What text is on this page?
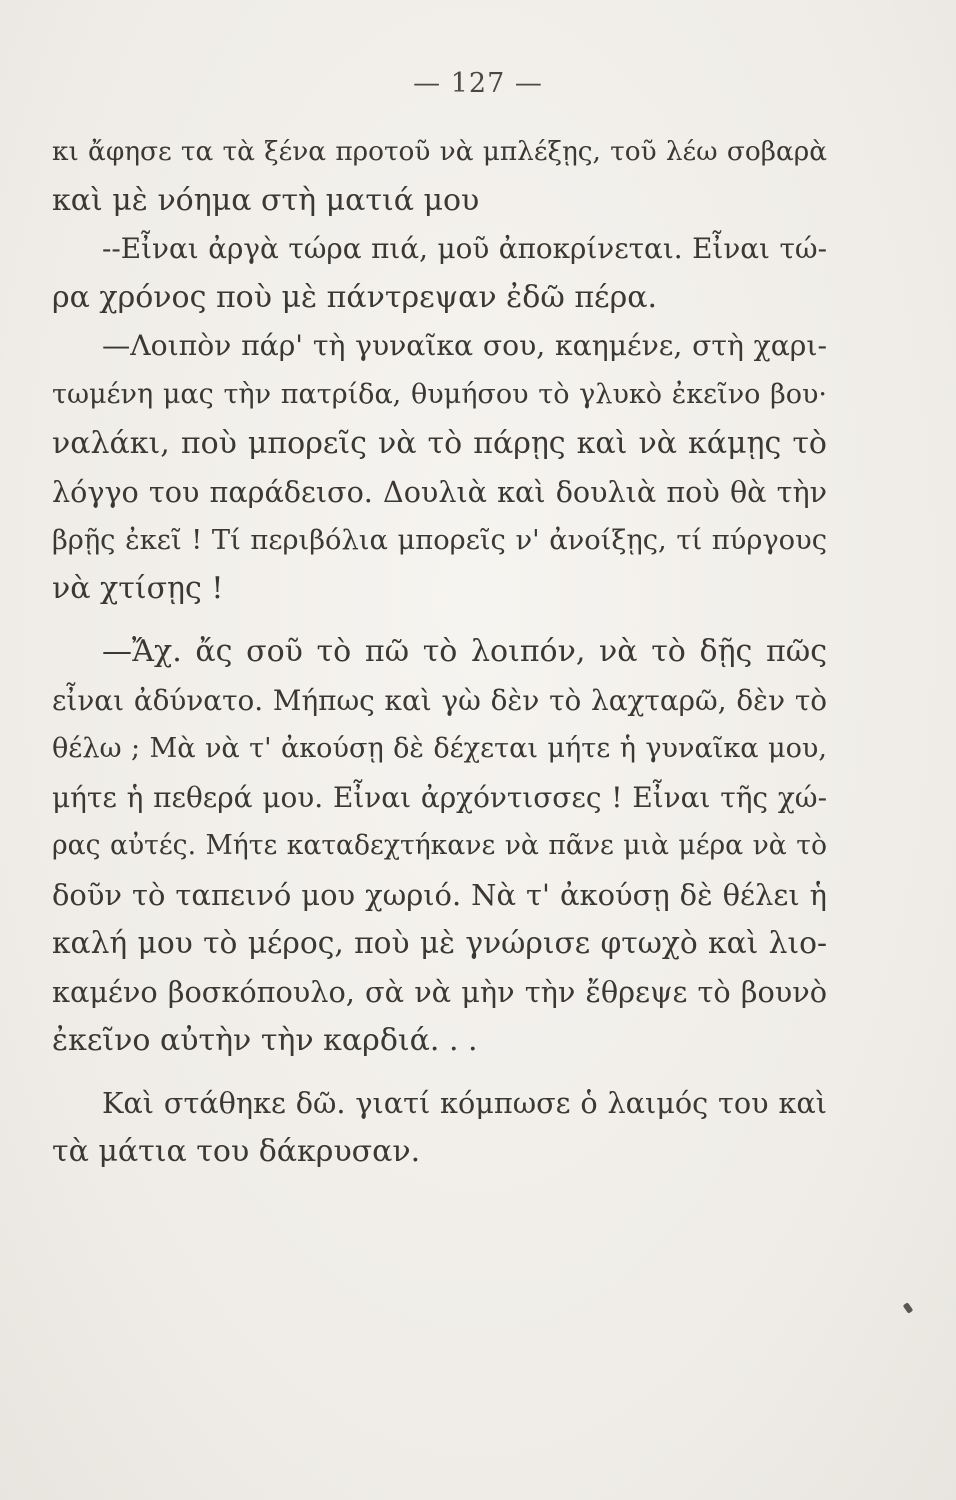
— 127 —
κι ἄφησε τα τὰ ξένα προτοῦ νὰ μπλέξῃς, τοῦ λέω σοβαρὰ
καὶ μὲ νόημα στὴ ματιά μου
--Εἶναι ἀργὰ τώρα πιά, μοῦ ἀποκρίνεται. Εἶναι τώ-
ρα χρόνος ποὺ μὲ πάντρεψαν ἐδῶ πέρα.
—Λοιπὸν πάρ' τὴ γυναῖκα σου, καημένε, στὴ χαρι-
τωμένη μας τὴν πατρίδα, θυμήσου τὸ γλυκὸ ἐκεῖνο βου·
ναλάκι, ποὺ μπορεῖς νὰ τὸ πάρῃς καὶ νὰ κάμῃς τὸ
λόγγο του παράδεισο. Δουλιὰ καὶ δουλιὰ ποὺ θὰ τὴν
βρῇς ἐκεῖ ! Τί περιβόλια μπορεῖς ν' ἀνοίξῃς, τί πύργους
νὰ χτίσῃς !
—Ἄχ. ἄς σοῦ τὸ πῶ τὸ λοιπόν, νὰ τὸ δῇς πῶς
εἶναι ἀδύνατο. Μήπως καὶ γὼ δὲν τὸ λαχταρῶ, δὲν τὸ
θέλω ; Μὰ νὰ τ' ἀκούσῃ δὲ δέχεται μήτε ἡ γυναῖκα μου,
μήτε ἡ πεθερά μου. Εἶναι ἀρχόντισσες ! Εἶναι τῆς χώ-
ρας αὐτές. Μήτε καταδεχτήκανε νὰ πᾶνε μιὰ μέρα νὰ τὸ
δοῦν τὸ ταπεινό μου χωριό. Νὰ τ' ἀκούσῃ δὲ θέλει ἡ
καλή μου τὸ μέρος, ποὺ μὲ γνώρισε φτωχὸ καὶ λιο-
καμένο βοσκόπουλο, σὰ νὰ μὴν τὴν ἔθρεψε τὸ βουνὸ
ἐκεῖνο αὐτὴν τὴν καρδιά. . .
Καὶ στάθηκε δῶ. γιατί κόμπωσε ὁ λαιμός του καὶ
τὰ μάτια του δάκρυσαν.
